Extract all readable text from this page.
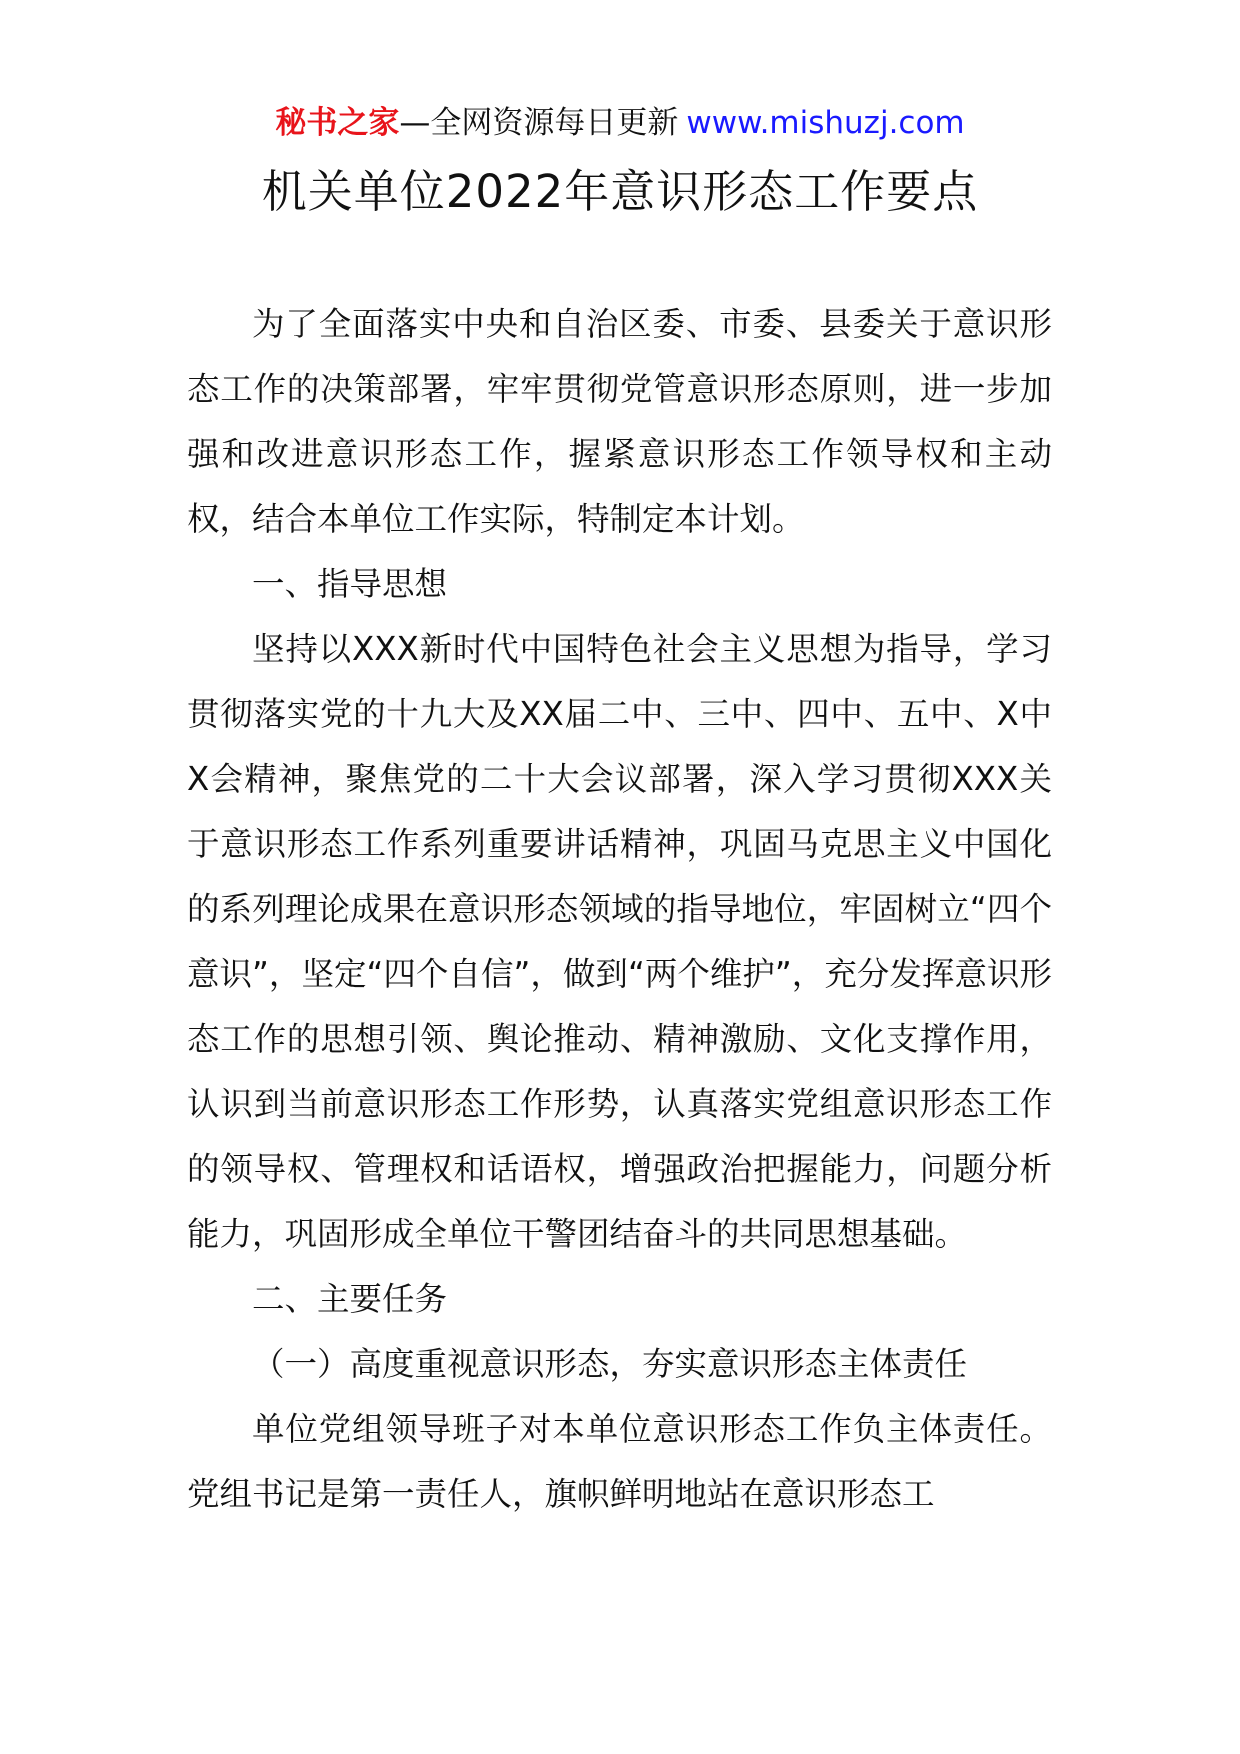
秘书之家—全网资源每日更新 www.mishuzj.com
机关单位2022年意识形态工作要点

为了全面落实中央和自治区委、市委、县委关于意识形态工作的决策部署，牢牢贯彻党管意识形态原则，进一步加强和改进意识形态工作，握紧意识形态工作领导权和主动权，结合本单位工作实际，特制定本计划。

一、指导思想

坚持以XXX新时代中国特色社会主义思想为指导，学习贯彻落实党的十九大及XX届二中、三中、四中、五中、X中X会精神，聚焦党的二十大会议部署，深入学习贯彻XXX关于意识形态工作系列重要讲话精神，巩固马克思主义中国化的系列理论成果在意识形态领域的指导地位，牢固树立“四个意识”，坚定“四个自信”，做到“两个维护”，充分发挥意识形态工作的思想引领、舆论推动、精神激励、文化支撑作用，认识到当前意识形态工作形势，认真落实党组意识形态工作的领导权、管理权和话语权，增强政治把握能力，问题分析能力，巩固形成全单位干警团结奋斗的共同思想基础。

二、主要任务

（一）高度重视意识形态，夯实意识形态主体责任

单位党组领导班子对本单位意识形态工作负主体责任。党组书记是第一责任人，旗帜鲜明地站在意识形态工
